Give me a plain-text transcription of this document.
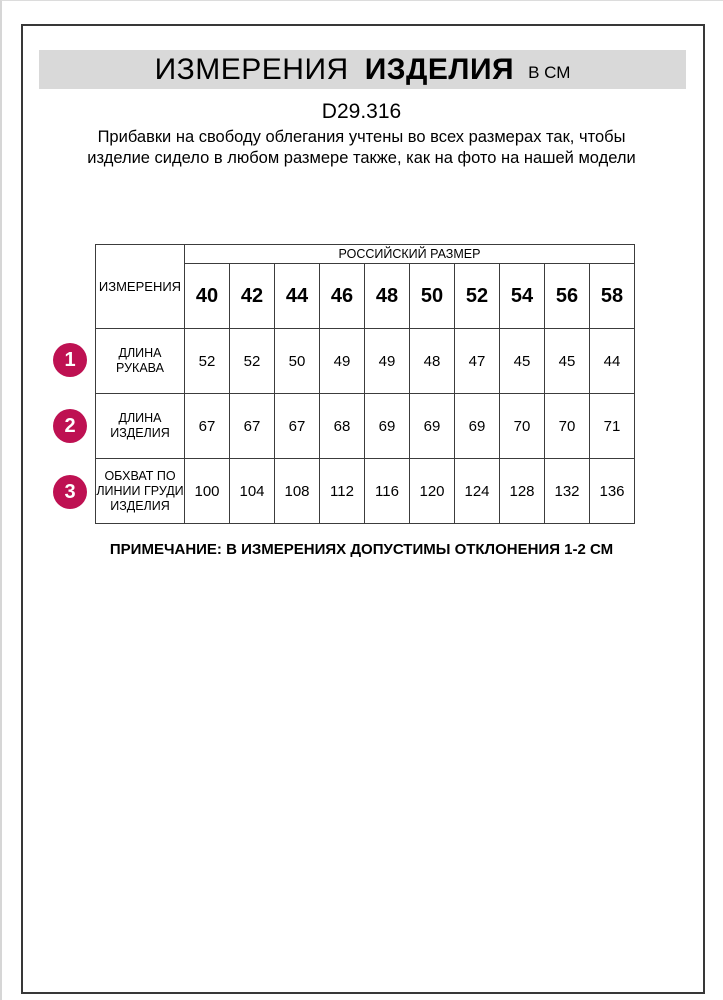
ИЗМЕРЕНИЯ ИЗДЕЛИЯ В СМ
D29.316
Прибавки на свободу облегания учтены во всех размерах так, чтобы изделие сидело в любом размере также, как на фото на нашей модели
ИЗМЕРЕНИЯ	РОССИЙСКИЙ РАЗМЕР									
	40	42	44	46	48	50	52	54	56	58
ДЛИНА РУКАВА	52	52	50	49	49	48	47	45	45	44
ДЛИНА ИЗДЕЛИЯ	67	67	67	68	69	69	69	70	70	71
ОБХВАТ ПО ЛИНИИ ГРУДИ ИЗДЕЛИЯ	100	104	108	112	116	120	124	128	132	136
1
2
3
ПРИМЕЧАНИЕ: В ИЗМЕРЕНИЯХ ДОПУСТИМЫ ОТКЛОНЕНИЯ 1-2 СМ
